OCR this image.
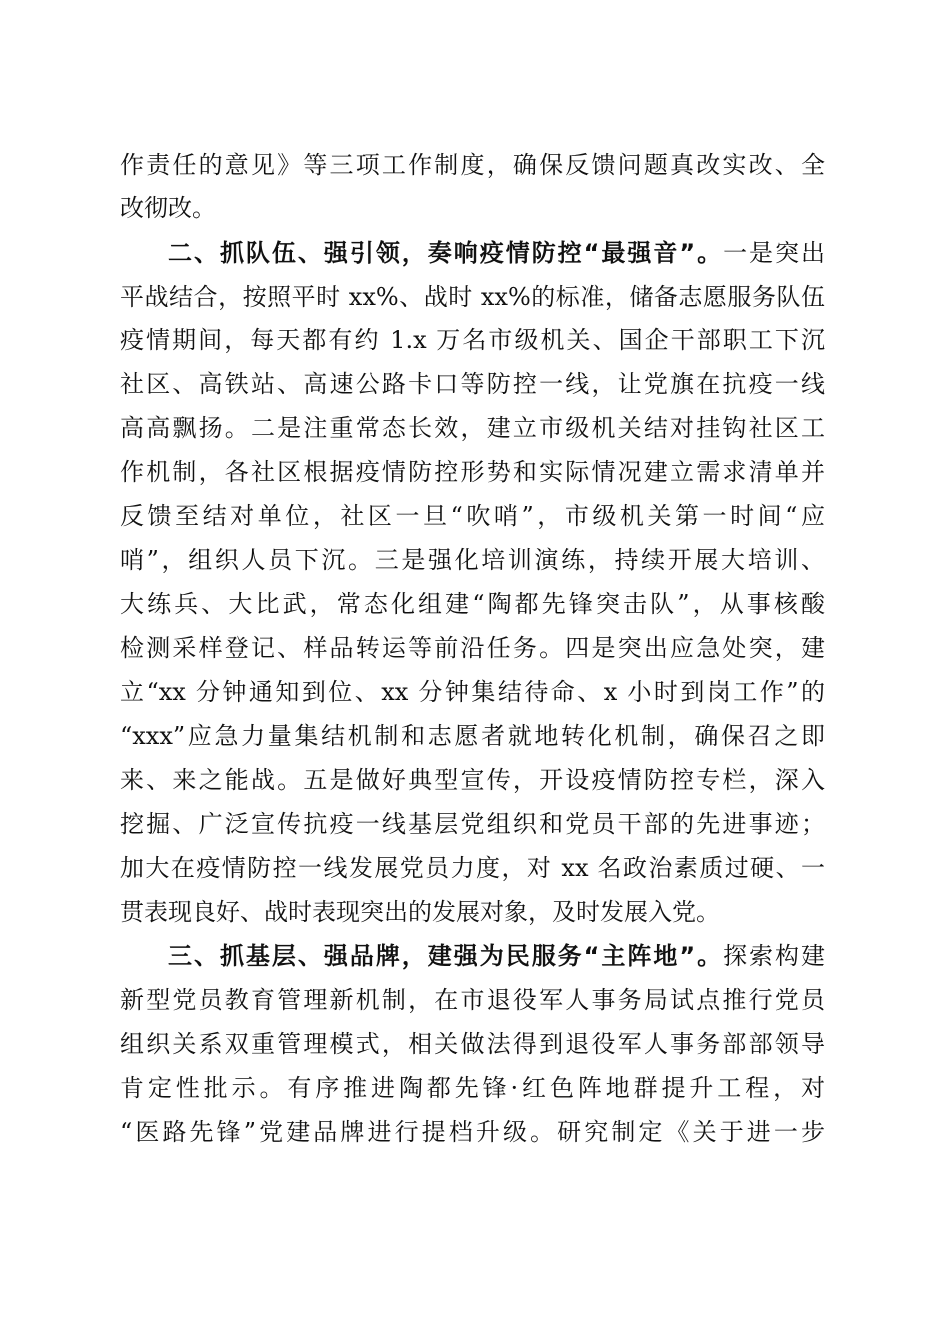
作责任的意见》等三项工作制度，确保反馈问题真改实改、全
改彻改。
二、抓队伍、强引领，奏响疫情防控“最强音”。一是突出
平战结合，按照平时 xx%、战时 xx%的标准，储备志愿服务队伍
疫情期间，每天都有约 1.x 万名市级机关、国企干部职工下沉
社区、高铁站、高速公路卡口等防控一线，让党旗在抗疫一线
高高飘扬。二是注重常态长效，建立市级机关结对挂钩社区工
作机制，各社区根据疫情防控形势和实际情况建立需求清单并
反馈至结对单位，社区一旦“吹哨”，市级机关第一时间“应
哨”，组织人员下沉。三是强化培训演练，持续开展大培训、
大练兵、大比武，常态化组建“陶都先锋突击队”，从事核酸
检测采样登记、样品转运等前沿任务。四是突出应急处突，建
立“xx 分钟通知到位、xx 分钟集结待命、x 小时到岗工作”的
“xxx”应急力量集结机制和志愿者就地转化机制，确保召之即
来、来之能战。五是做好典型宣传，开设疫情防控专栏，深入
挖掘、广泛宣传抗疫一线基层党组织和党员干部的先进事迹；
加大在疫情防控一线发展党员力度，对 xx 名政治素质过硬、一
贯表现良好、战时表现突出的发展对象，及时发展入党。
三、抓基层、强品牌，建强为民服务“主阵地”。探索构建
新型党员教育管理新机制，在市退役军人事务局试点推行党员
组织关系双重管理模式，相关做法得到退役军人事务部部领导
肯定性批示。有序推进陶都先锋·红色阵地群提升工程，对
“医路先锋”党建品牌进行提档升级。研究制定《关于进一步
